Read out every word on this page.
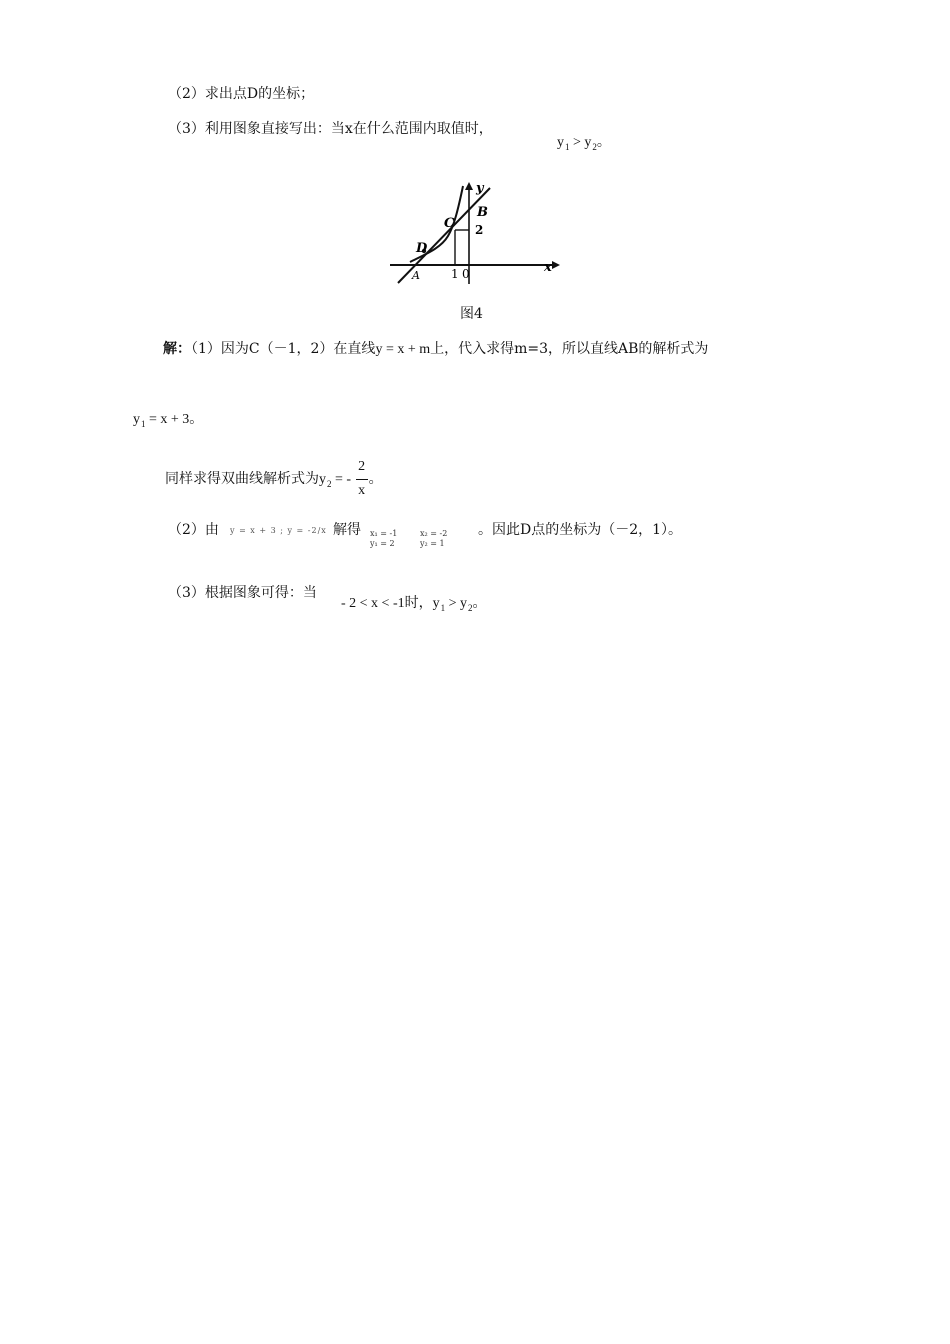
（2）求出点D的坐标；
（3）利用图象直接写出：当x在什么范围内取值时，
$y_1 > y_2$。
y
x
B
C
D
A
2
1 0
图4
解：（1）因为C（－1，2）在直线y = x + m上，代入求得m=3，所以直线AB的解析式为
$y_1 = x + 3$。
同样求得双曲线解析式为$y_2$ = - $\frac{2}{x}$ 。
（2）由 y = x + 3 ; y = -2/x 解得 x₁ = -1
y₁ = 2
x₂ = -2
y₂ = 1
。因此D点的坐标为（－2，1）。
（3）根据图象可得：当
- 2 < x < -1时，$y_1 > y_2$。
